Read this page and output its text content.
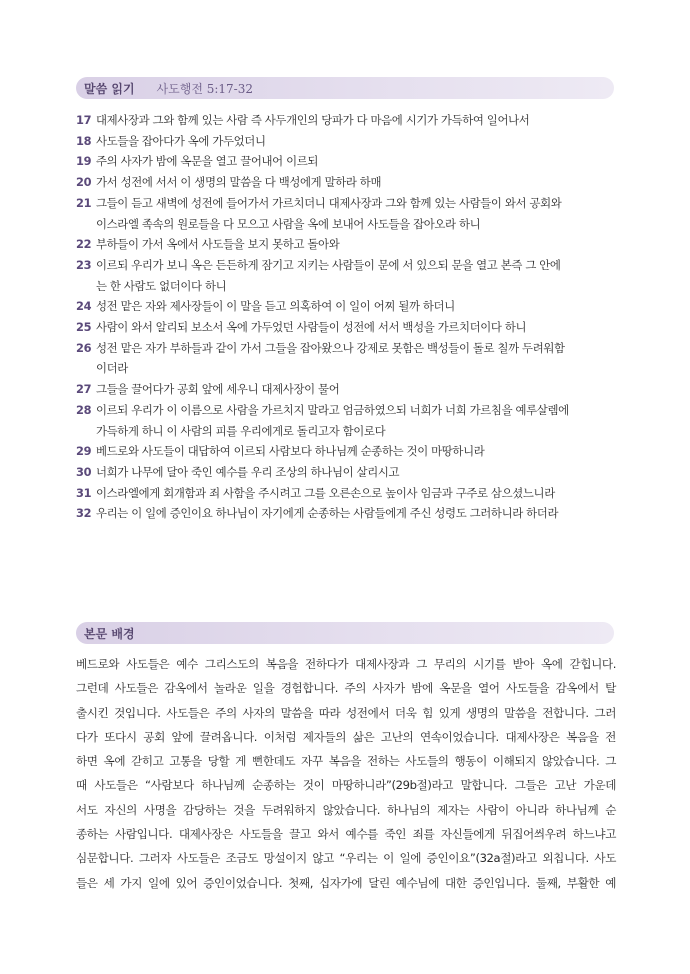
말씀 읽기 사도행전 5:17-32
17 대제사장과 그와 함께 있는 사람 즉 사두개인의 당파가 다 마음에 시기가 가득하여 일어나서
18 사도들을 잡아다가 옥에 가두었더니
19 주의 사자가 밤에 옥문을 열고 끌어내어 이르되
20 가서 성전에 서서 이 생명의 말씀을 다 백성에게 말하라 하매
21 그들이 듣고 새벽에 성전에 들어가서 가르치더니 대제사장과 그와 함께 있는 사람들이 와서 공회와
이스라엘 족속의 원로들을 다 모으고 사람을 옥에 보내어 사도들을 잡아오라 하니
22 부하들이 가서 옥에서 사도들을 보지 못하고 돌아와
23 이르되 우리가 보니 옥은 든든하게 잠기고 지키는 사람들이 문에 서 있으되 문을 열고 본즉 그 안에
는 한 사람도 없더이다 하니
24 성전 맡은 자와 제사장들이 이 말을 듣고 의혹하여 이 일이 어찌 될까 하더니
25 사람이 와서 알리되 보소서 옥에 가두었던 사람들이 성전에 서서 백성을 가르치더이다 하니
26 성전 맡은 자가 부하들과 같이 가서 그들을 잡아왔으나 강제로 못함은 백성들이 돌로 칠까 두려워함
이더라
27 그들을 끌어다가 공회 앞에 세우니 대제사장이 물어
28 이르되 우리가 이 이름으로 사람을 가르치지 말라고 엄금하였으되 너희가 너희 가르침을 예루살렘에
가득하게 하니 이 사람의 피를 우리에게로 돌리고자 함이로다
29 베드로와 사도들이 대답하여 이르되 사람보다 하나님께 순종하는 것이 마땅하니라
30 너희가 나무에 달아 죽인 예수를 우리 조상의 하나님이 살리시고
31 이스라엘에게 회개함과 죄 사함을 주시려고 그를 오른손으로 높이사 임금과 구주로 삼으셨느니라
32 우리는 이 일에 증인이요 하나님이 자기에게 순종하는 사람들에게 주신 성령도 그러하니라 하더라
본문 배경
베드로와 사도들은 예수 그리스도의 복음을 전하다가 대제사장과 그 무리의 시기를 받아 옥에 갇힙니다.
그런데 사도들은 감옥에서 놀라운 일을 경험합니다. 주의 사자가 밤에 옥문을 열어 사도들을 감옥에서 탈
출시킨 것입니다. 사도들은 주의 사자의 말씀을 따라 성전에서 더욱 힘 있게 생명의 말씀을 전합니다. 그러
다가 또다시 공회 앞에 끌려옵니다. 이처럼 제자들의 삶은 고난의 연속이었습니다. 대제사장은 복음을 전
하면 옥에 갇히고 고통을 당할 게 뻔한데도 자꾸 복음을 전하는 사도들의 행동이 이해되지 않았습니다. 그
때 사도들은 “사람보다 하나님께 순종하는 것이 마땅하니라”(29b절)라고 말합니다. 그들은 고난 가운데
서도 자신의 사명을 감당하는 것을 두려워하지 않았습니다. 하나님의 제자는 사람이 아니라 하나님께 순
종하는 사람입니다. 대제사장은 사도들을 끌고 와서 예수를 죽인 죄를 자신들에게 뒤집어씌우려 하느냐고
심문합니다. 그러자 사도들은 조금도 망설이지 않고 “우리는 이 일에 증인이요”(32a절)라고 외칩니다. 사도
들은 세 가지 일에 있어 증인이었습니다. 첫째, 십자가에 달린 예수님에 대한 증인입니다. 둘째, 부활한 예
